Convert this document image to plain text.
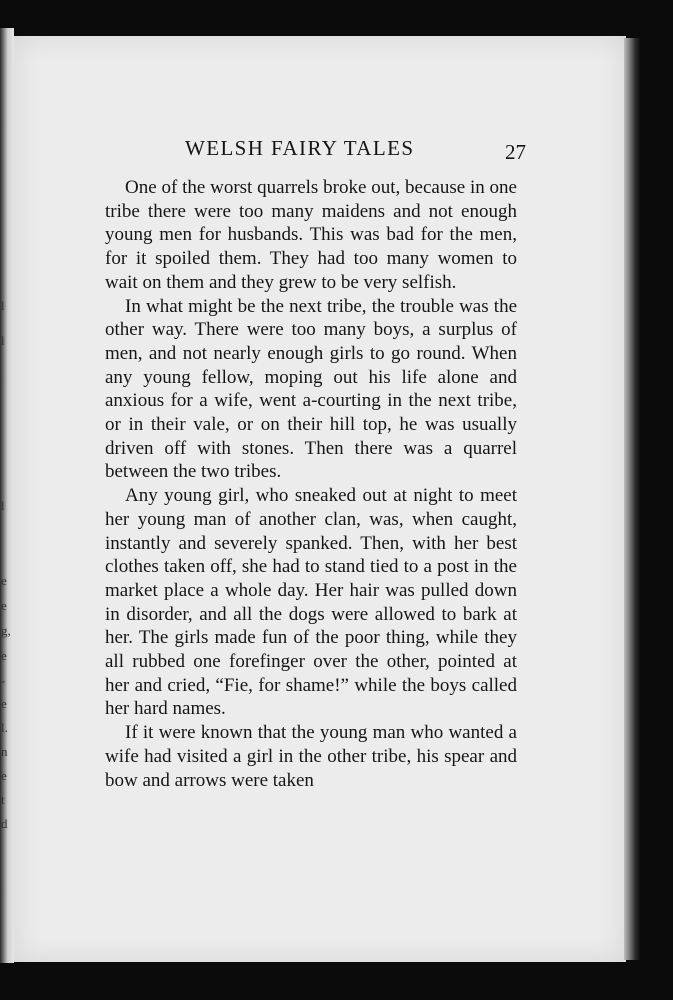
l
l
l
e
e
g,
e
-
e
l.
n
e
t
d
WELSH FAIRY TALES	27

One of the worst quarrels broke out, because in one tribe there were too many maidens and not enough young men for husbands. This was bad for the men, for it spoiled them. They had too many women to wait on them and they grew to be very selfish.

In what might be the next tribe, the trouble was the other way. There were too many boys, a surplus of men, and not nearly enough girls to go round. When any young fellow, moping out his life alone and anxious for a wife, went a-courting in the next tribe, or in their vale, or on their hill top, he was usually driven off with stones. Then there was a quarrel between the two tribes.

Any young girl, who sneaked out at night to meet her young man of another clan, was, when caught, instantly and severely spanked. Then, with her best clothes taken off, she had to stand tied to a post in the market place a whole day. Her hair was pulled down in disorder, and all the dogs were allowed to bark at her. The girls made fun of the poor thing, while they all rubbed one forefinger over the other, pointed at her and cried, “Fie, for shame!” while the boys called her hard names.

If it were known that the young man who wanted a wife had visited a girl in the other tribe, his spear and bow and arrows were taken
